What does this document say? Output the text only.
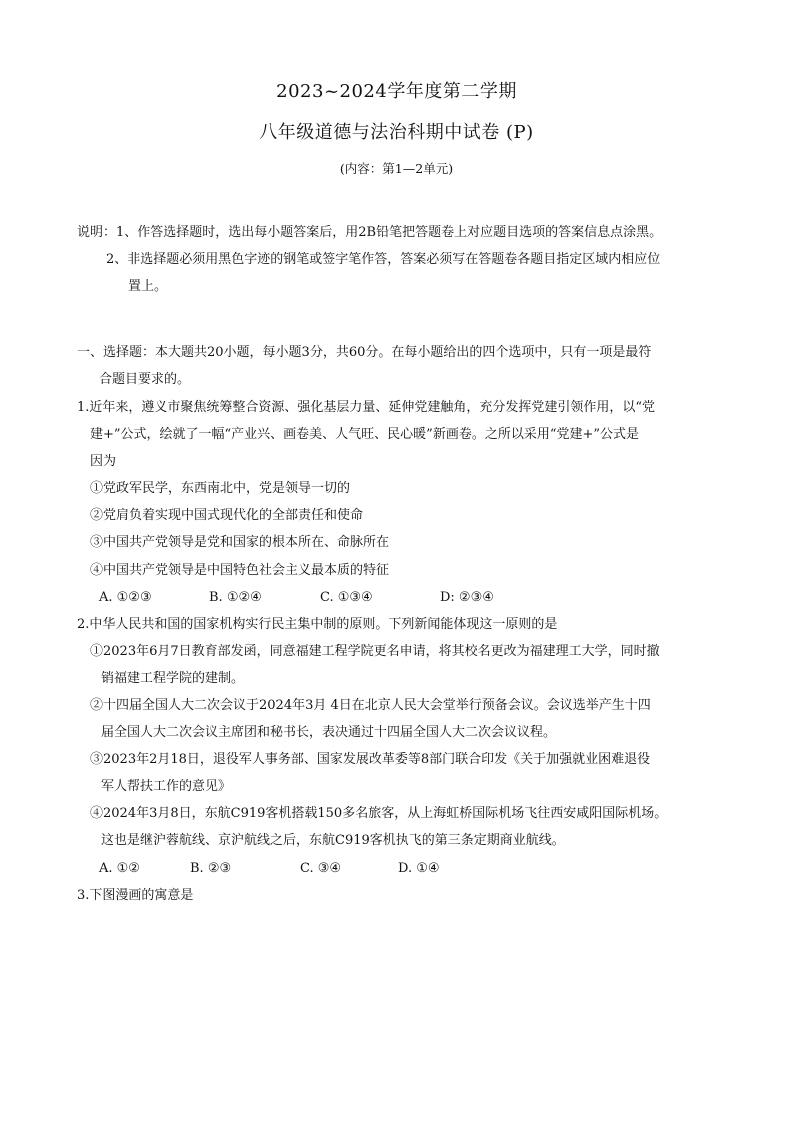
2023~2024学年度第二学期
八年级道德与法治科期中试卷 (P)
(内容：第1—2单元)
说明：1、作答选择题时，选出每小题答案后，用2B铅笔把答题卷上对应题目选项的答案信息点涂黑。
2、非选择题必须用黑色字迹的钢笔或签字笔作答，答案必须写在答题卷各题目指定区域内相应位
置上。
一、选择题：本大题共20小题，每小题3分，共60分。在每小题给出的四个选项中，只有一项是最符
合题目要求的。
1.近年来，遵义市聚焦统筹整合资源、强化基层力量、延伸党建触角，充分发挥党建引领作用，以“党
建+”公式，绘就了一幅“产业兴、画卷美、人气旺、民心暖”新画卷。之所以采用“党建+”公式是
因为
①党政军民学，东西南北中，党是领导一切的
②党肩负着实现中国式现代化的全部责任和使命
③中国共产党领导是党和国家的根本所在、命脉所在
④中国共产党领导是中国特色社会主义最本质的特征
A. ①②③	B. ①②④	C. ①③④	D: ②③④
2.中华人民共和国的国家机构实行民主集中制的原则。下列新闻能体现这一原则的是
①2023年6月7日教育部发函，同意福建工程学院更名申请，将其校名更改为福建理工大学，同时撤
销福建工程学院的建制。
②十四届全国人大二次会议于2024年3月 4日在北京人民大会堂举行预备会议。会议选举产生十四
届全国人大二次会议主席团和秘书长，表决通过十四届全国人大二次会议议程。
③2023年2月18日，退役军人事务部、国家发展改革委等8部门联合印发《关于加强就业困难退役
军人帮扶工作的意见》
④2024年3月8日，东航C919客机搭载150多名旅客，从上海虹桥国际机场飞往西安咸阳国际机场。
这也是继沪蓉航线、京沪航线之后，东航C919客机执飞的第三条定期商业航线。
A. ①②	B. ②③	C. ③④	D. ①④
3.下图漫画的寓意是
